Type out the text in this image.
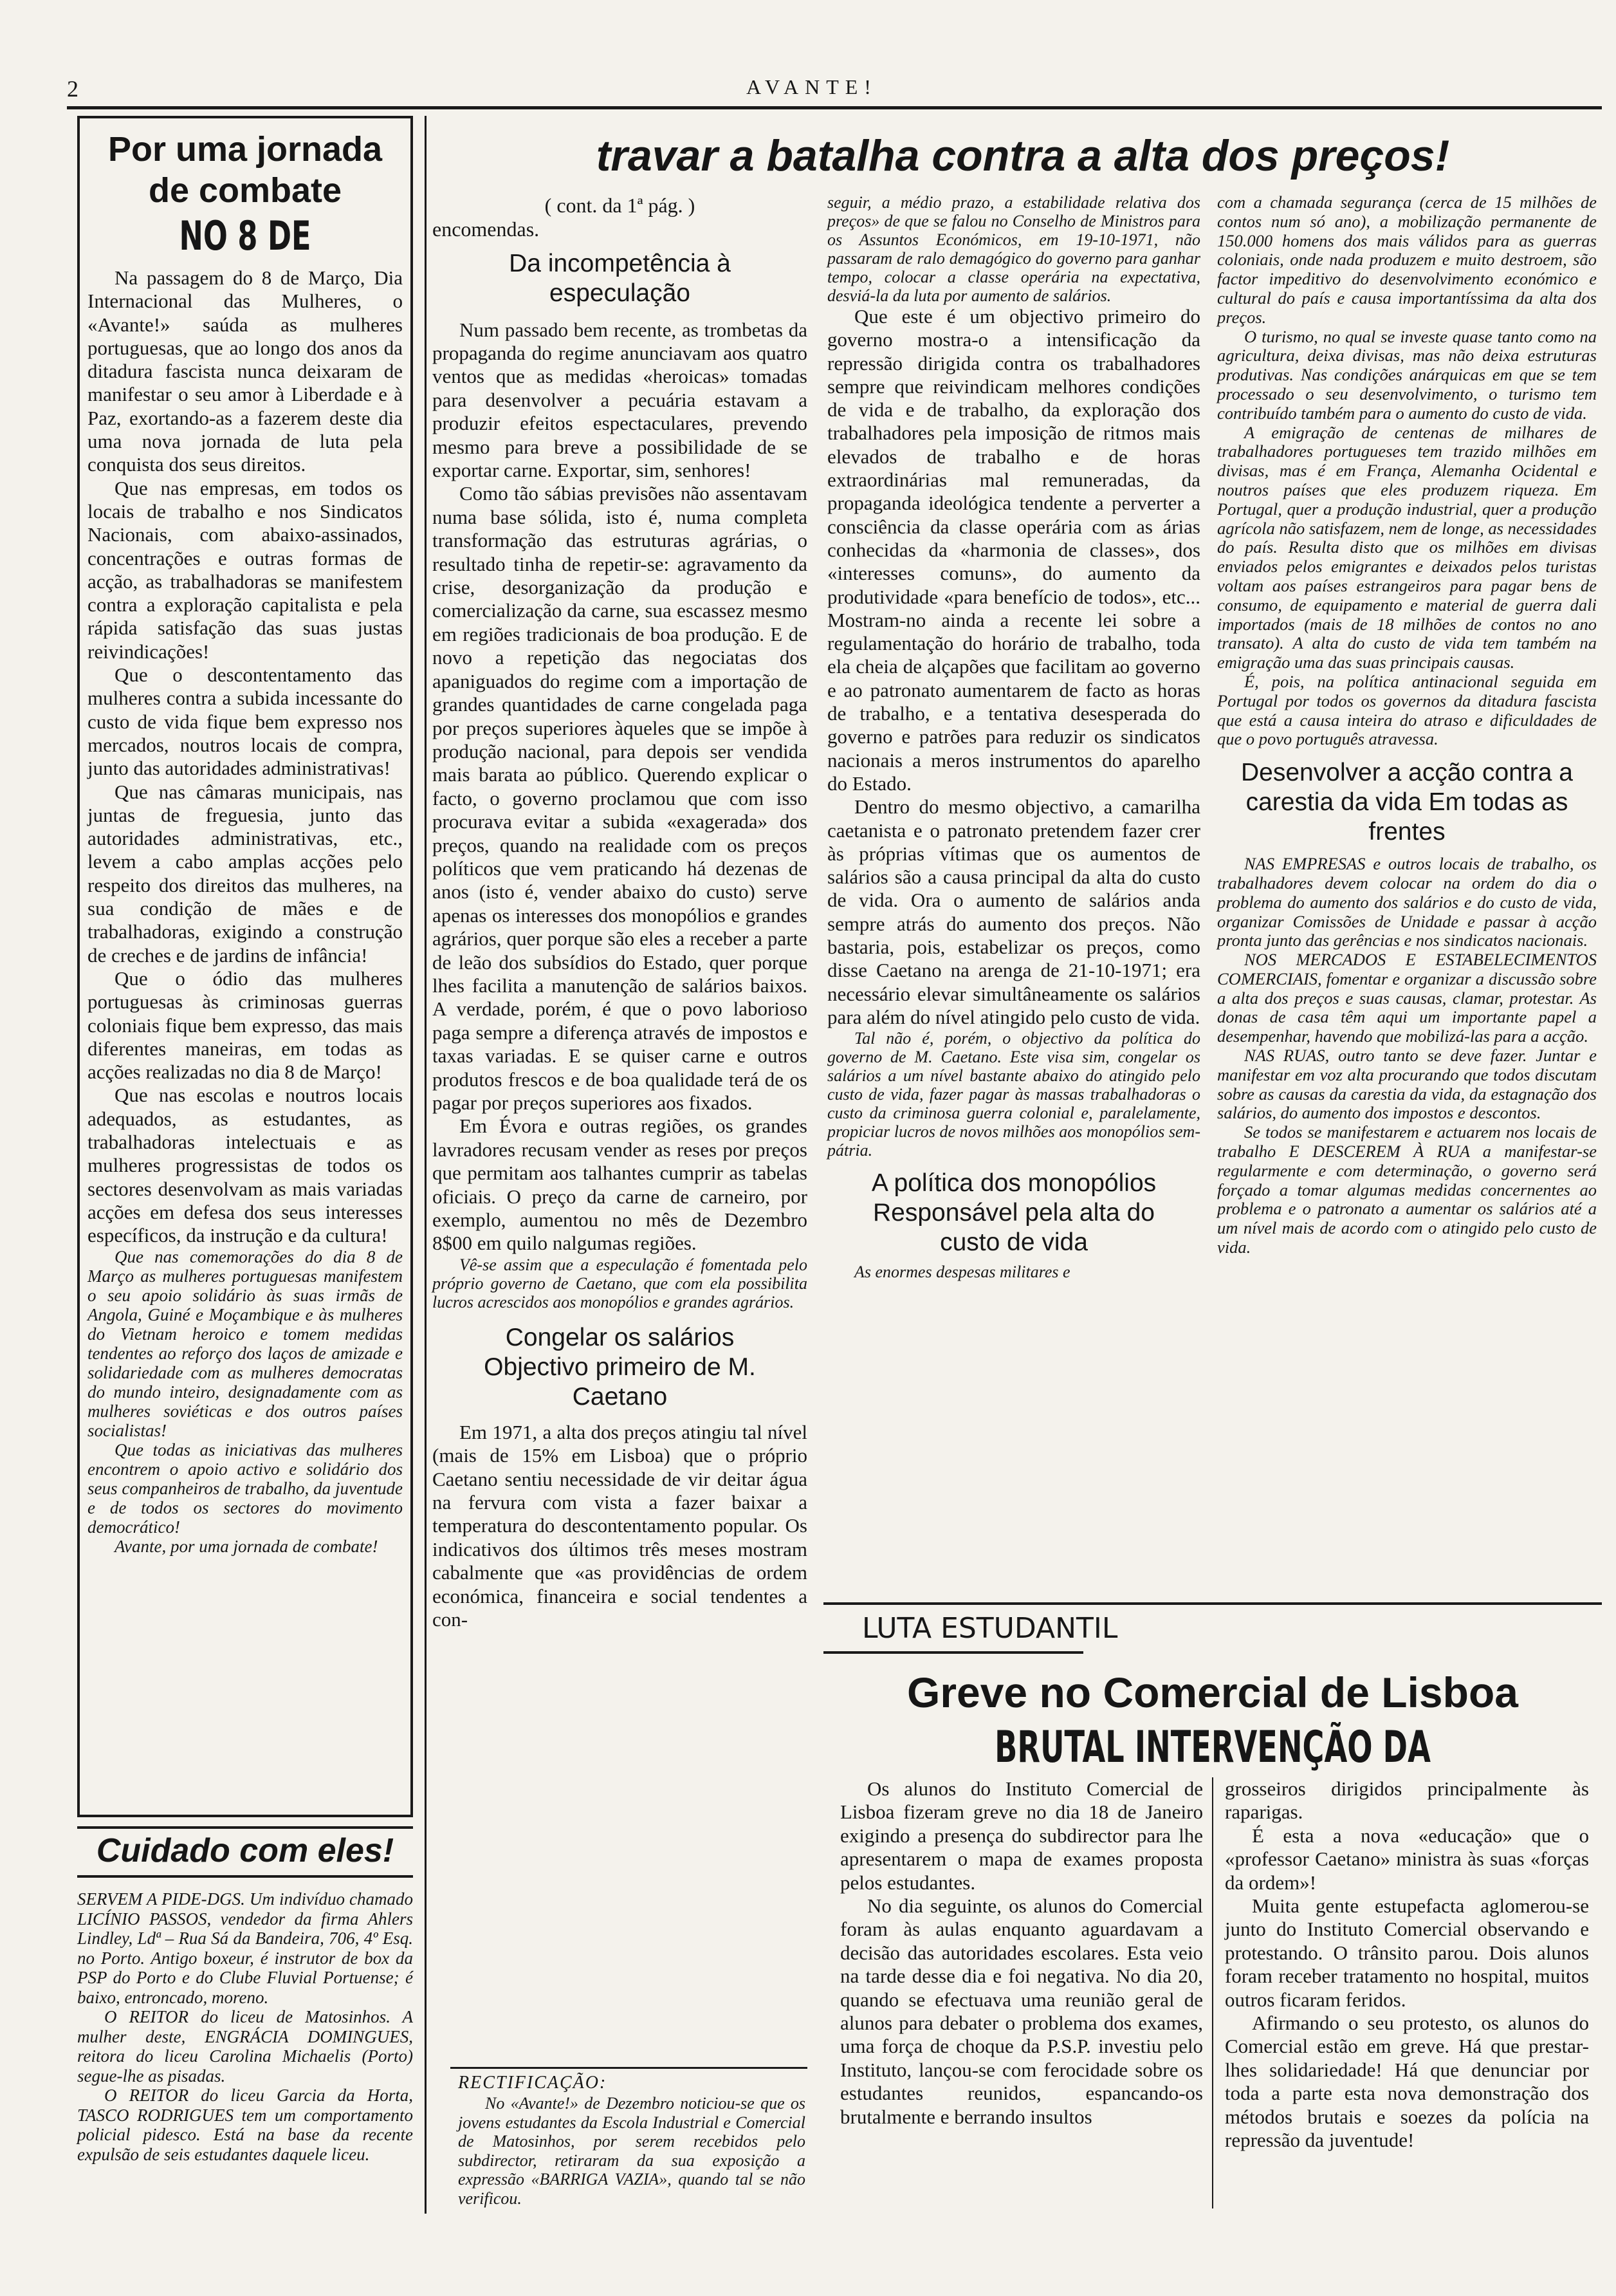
2	AVANTE!
Por uma jornada
de combate
NO 8 DE

Na passagem do 8 de Março, Dia Internacional das Mulheres, o «Avante!» saúda as mulheres portuguesas, que ao longo dos anos da ditadura fascista nunca deixaram de manifestar o seu amor à Liberdade e à Paz, exortando-as a fazerem deste dia uma nova jornada de luta pela conquista dos seus direitos.

Que nas empresas, em todos os locais de trabalho e nos Sindicatos Nacionais, com abaixo-assinados, concentrações e outras formas de acção, as trabalhadoras se manifestem contra a exploração capitalista e pela rápida satisfação das suas justas reivindicações!

Que o descontentamento das mulheres contra a subida incessante do custo de vida fique bem expresso nos mercados, noutros locais de compra, junto das autoridades administrativas!

Que nas câmaras municipais, nas juntas de freguesia, junto das autoridades administrativas, etc., levem a cabo amplas acções pelo respeito dos direitos das mulheres, na sua condição de mães e de trabalhadoras, exigindo a construção de creches e de jardins de infância!

Que o ódio das mulheres portuguesas às criminosas guerras coloniais fique bem expresso, das mais diferentes maneiras, em todas as acções realizadas no dia 8 de Março!

Que nas escolas e noutros locais adequados, as estudantes, as trabalhadoras intelectuais e as mulheres progressistas de todos os sectores desenvolvam as mais variadas acções em defesa dos seus interesses específicos, da instrução e da cultura!

Que nas comemorações do dia 8 de Março as mulheres portuguesas manifestem o seu apoio solidário às suas irmãs de Angola, Guiné e Moçambique e às mulheres do Vietnam heroico e tomem medidas tendentes ao reforço dos laços de amizade e solidariedade com as mulheres democratas do mundo inteiro, designadamente com as mulheres soviéticas e dos outros países socialistas!

Que todas as iniciativas das mulheres encontrem o apoio activo e solidário dos seus companheiros de trabalho, da juventude e de todos os sectores do movimento democrático!

Avante, por uma jornada de combate!

Cuidado com eles!

SERVEM A PIDE-DGS. Um indivíduo chamado LICÍNIO PASSOS, vendedor da firma Ahlers Lindley, Ldª – Rua Sá da Bandeira, 706, 4º Esq. no Porto. Antigo boxeur, é instrutor de box da PSP do Porto e do Clube Fluvial Portuense; é baixo, entroncado, moreno.

O REITOR do liceu de Matosinhos. A mulher deste, ENGRÁCIA DOMINGUES, reitora do liceu Carolina Michaelis (Porto) segue-lhe as pisadas.

O REITOR do liceu Garcia da Horta, TASCO RODRIGUES tem um comportamento policial pidesco. Está na base da recente expulsão de seis estudantes daquele liceu.

travar a batalha contra a alta dos preços!
( cont. da 1ª pág. )
encomendas.
Da incompetência à especulação

Num passado bem recente, as trombetas da propaganda do regime anunciavam aos quatro ventos que as medidas «heroicas» tomadas para desenvolver a pecuária estavam a produzir efeitos espectaculares, prevendo mesmo para breve a possibilidade de se exportar carne. Exportar, sim, senhores!

Como tão sábias previsões não assentavam numa base sólida, isto é, numa completa transformação das estruturas agrárias, o resultado tinha de repetir-se: agravamento da crise, desorganização da produção e comercialização da carne, sua escassez mesmo em regiões tradicionais de boa produção. E de novo a repetição das negociatas dos apaniguados do regime com a importação de grandes quantidades de carne congelada paga por preços superiores àqueles que se impõe à produção nacional, para depois ser vendida mais barata ao público. Querendo explicar o facto, o governo proclamou que com isso procurava evitar a subida «exagerada» dos preços, quando na realidade com os preços políticos que vem praticando há dezenas de anos (isto é, vender abaixo do custo) serve apenas os interesses dos monopólios e grandes agrários, quer porque são eles a receber a parte de leão dos subsídios do Estado, quer porque lhes facilita a manutenção de salários baixos. A verdade, porém, é que o povo laborioso paga sempre a diferença através de impostos e taxas variadas. E se quiser carne e outros produtos frescos e de boa qualidade terá de os pagar por preços superiores aos fixados.

Em Évora e outras regiões, os grandes lavradores recusam vender as reses por preços que permitam aos talhantes cumprir as tabelas oficiais. O preço da carne de carneiro, por exemplo, aumentou no mês de Dezembro 8$00 em quilo nalgumas regiões.

Vê-se assim que a especulação é fomentada pelo próprio governo de Caetano, que com ela possibilita lucros acrescidos aos monopólios e grandes agrários.
Congelar os salários Objectivo primeiro de M. Caetano
Em 1971, a alta dos preços atingiu tal nível (mais de 15% em Lisboa) que o próprio Caetano sentiu necessidade de vir deitar água na fervura com vista a fazer baixar a temperatura do descontentamento popular. Os indicativos dos últimos três meses mostram cabalmente que «as providências de ordem económica, financeira e social tendentes a con-
seguir, a médio prazo, a estabilidade relativa dos preços» de que se falou no Conselho de Ministros para os Assuntos Económicos, em 19-10-1971, não passaram de ralo demagógico do governo para ganhar tempo, colocar a classe operária na expectativa, desviá-la da luta por aumento de salários.

Que este é um objectivo primeiro do governo mostra-o a intensificação da repressão dirigida contra os trabalhadores sempre que reivindicam melhores condições de vida e de trabalho, da exploração dos trabalhadores pela imposição de ritmos mais elevados de trabalho e de horas extraordinárias mal remuneradas, da propaganda ideológica tendente a perverter a consciência da classe operária com as árias conhecidas da «harmonia de classes», dos «interesses comuns», do aumento da produtividade «para benefício de todos», etc... Mostram-no ainda a recente lei sobre a regulamentação do horário de trabalho, toda ela cheia de alçapões que facilitam ao governo e ao patronato aumentarem de facto as horas de trabalho, e a tentativa desesperada do governo e patrões para reduzir os sindicatos nacionais a meros instrumentos do aparelho do Estado.

Dentro do mesmo objectivo, a camarilha caetanista e o patronato pretendem fazer crer às próprias vítimas que os aumentos de salários são a causa principal da alta do custo de vida. Ora o aumento de salários anda sempre atrás do aumento dos preços. Não bastaria, pois, estabelizar os preços, como disse Caetano na arenga de 21-10-1971; era necessário elevar simultâneamente os salários para além do nível atingido pelo custo de vida.

Tal não é, porém, o objectivo da política do governo de M. Caetano. Este visa sim, congelar os salários a um nível bastante abaixo do atingido pelo custo de vida, fazer pagar às massas trabalhadoras o custo da criminosa guerra colonial e, paralelamente, propiciar lucros de novos milhões aos monopólios sem-pátria.
A política dos monopólios Responsável pela alta do custo de vida
As enormes despesas militares e

com a chamada segurança (cerca de 15 milhões de contos num só ano), a mobilização permanente de 150.000 homens dos mais válidos para as guerras coloniais, onde nada produzem e muito destroem, são factor impeditivo do desenvolvimento económico e cultural do país e causa importantíssima da alta dos preços.

O turismo, no qual se investe quase tanto como na agricultura, deixa divisas, mas não deixa estruturas produtivas. Nas condições anárquicas em que se tem processado o seu desenvolvimento, o turismo tem contribuído também para o aumento do custo de vida.

A emigração de centenas de milhares de trabalhadores portugueses tem trazido milhões em divisas, mas é em França, Alemanha Ocidental e noutros países que eles produzem riqueza. Em Portugal, quer a produção industrial, quer a produção agrícola não satisfazem, nem de longe, as necessidades do país. Resulta disto que os milhões em divisas enviados pelos emigrantes e deixados pelos turistas voltam aos países estrangeiros para pagar bens de consumo, de equipamento e material de guerra dali importados (mais de 18 milhões de contos no ano transato). A alta do custo de vida tem também na emigração uma das suas principais causas.

É, pois, na política antinacional seguida em Portugal por todos os governos da ditadura fascista que está a causa inteira do atraso e dificuldades de que o povo português atravessa.

Desenvolver a acção contra a carestia da vida Em todas as frentes

NAS EMPRESAS e outros locais de trabalho, os trabalhadores devem colocar na ordem do dia o problema do aumento dos salários e do custo de vida, organizar Comissões de Unidade e passar à acção pronta junto das gerências e nos sindicatos nacionais.

NOS MERCADOS E ESTABELECIMENTOS COMERCIAIS, fomentar e organizar a discussão sobre a alta dos preços e suas causas, clamar, protestar. As donas de casa têm aqui um importante papel a desempenhar, havendo que mobilizá-las para a acção.

NAS RUAS, outro tanto se deve fazer. Juntar e manifestar em voz alta procurando que todos discutam sobre as causas da carestia da vida, da estagnação dos salários, do aumento dos impostos e descontos.

Se todos se manifestarem e actuarem nos locais de trabalho E DESCEREM À RUA a manifestar-se regularmente e com determinação, o governo será forçado a tomar algumas medidas concernentes ao problema e o patronato a aumentar os salários até a um nível mais de acordo com o atingido pelo custo de vida.

RECTIFICAÇÃO:
No «Avante!» de Dezembro noticiou-se que os jovens estudantes da Escola Industrial e Comercial de Matosinhos, por serem recebidos pelo subdirector, retiraram da sua exposição a expressão «BARRIGA VAZIA», quando tal se não verificou.
LUTA ESTUDANTIL
Greve no Comercial de Lisboa
BRUTAL INTERVENÇÃO DA

Os alunos do Instituto Comercial de Lisboa fizeram greve no dia 18 de Janeiro exigindo a presença do subdirector para lhe apresentarem o mapa de exames proposta pelos estudantes.

No dia seguinte, os alunos do Comercial foram às aulas enquanto aguardavam a decisão das autoridades escolares. Esta veio na tarde desse dia e foi negativa. No dia 20, quando se efectuava uma reunião geral de alunos para debater o problema dos exames, uma força de choque da P.S.P. investiu pelo Instituto, lançou-se com ferocidade sobre os estudantes reunidos, espancando-os brutalmente e berrando insultos

grosseiros dirigidos principalmente às raparigas.

É esta a nova «educação» que o «professor Caetano» ministra às suas «forças da ordem»!

Muita gente estupefacta aglomerou-se junto do Instituto Comercial observando e protestando. O trânsito parou. Dois alunos foram receber tratamento no hospital, muitos outros ficaram feridos.

Afirmando o seu protesto, os alunos do Comercial estão em greve. Há que prestar-lhes solidariedade! Há que denunciar por toda a parte esta nova demonstração dos métodos brutais e soezes da polícia na repressão da juventude!
